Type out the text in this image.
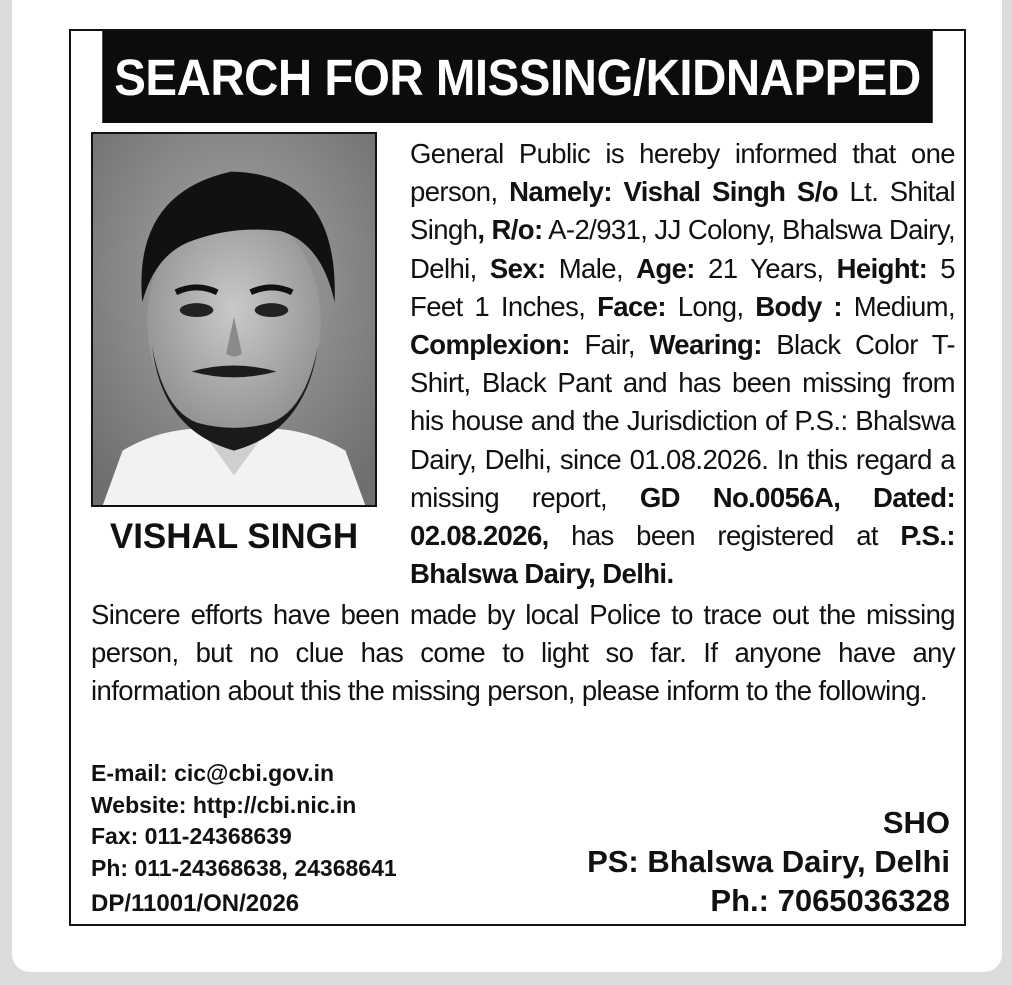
SEARCH FOR MISSING/KIDNAPPED
VISHAL SINGH
General Public is hereby informed that one person, Namely: Vishal Singh S/o Lt. Shital Singh, R/o: A-2/931, JJ Colony, Bhalswa Dairy, Delhi, Sex: Male, Age: 21 Years, Height: 5 Feet 1 Inches, Face: Long, Body : Medium, Complexion: Fair, Wearing: Black Color T-Shirt, Black Pant and has been missing from his house and the Jurisdiction of P.S.: Bhalswa Dairy, Delhi, since 01.08.2026. In this regard a missing report, GD No.0056A, Dated: 02.08.2026, has been registered at P.S.: Bhalswa Dairy, Delhi.
Sincere efforts have been made by local Police to trace out the missing person, but no clue has come to light so far. If anyone have any information about this the missing person, please inform to the following.
E-mail: cic@cbi.gov.in
Website: http://cbi.nic.in
Fax: 011-24368639
Ph: 011-24368638, 24368641
DP/11001/ON/2026
SHO
PS: Bhalswa Dairy, Delhi
Ph.: 7065036328
